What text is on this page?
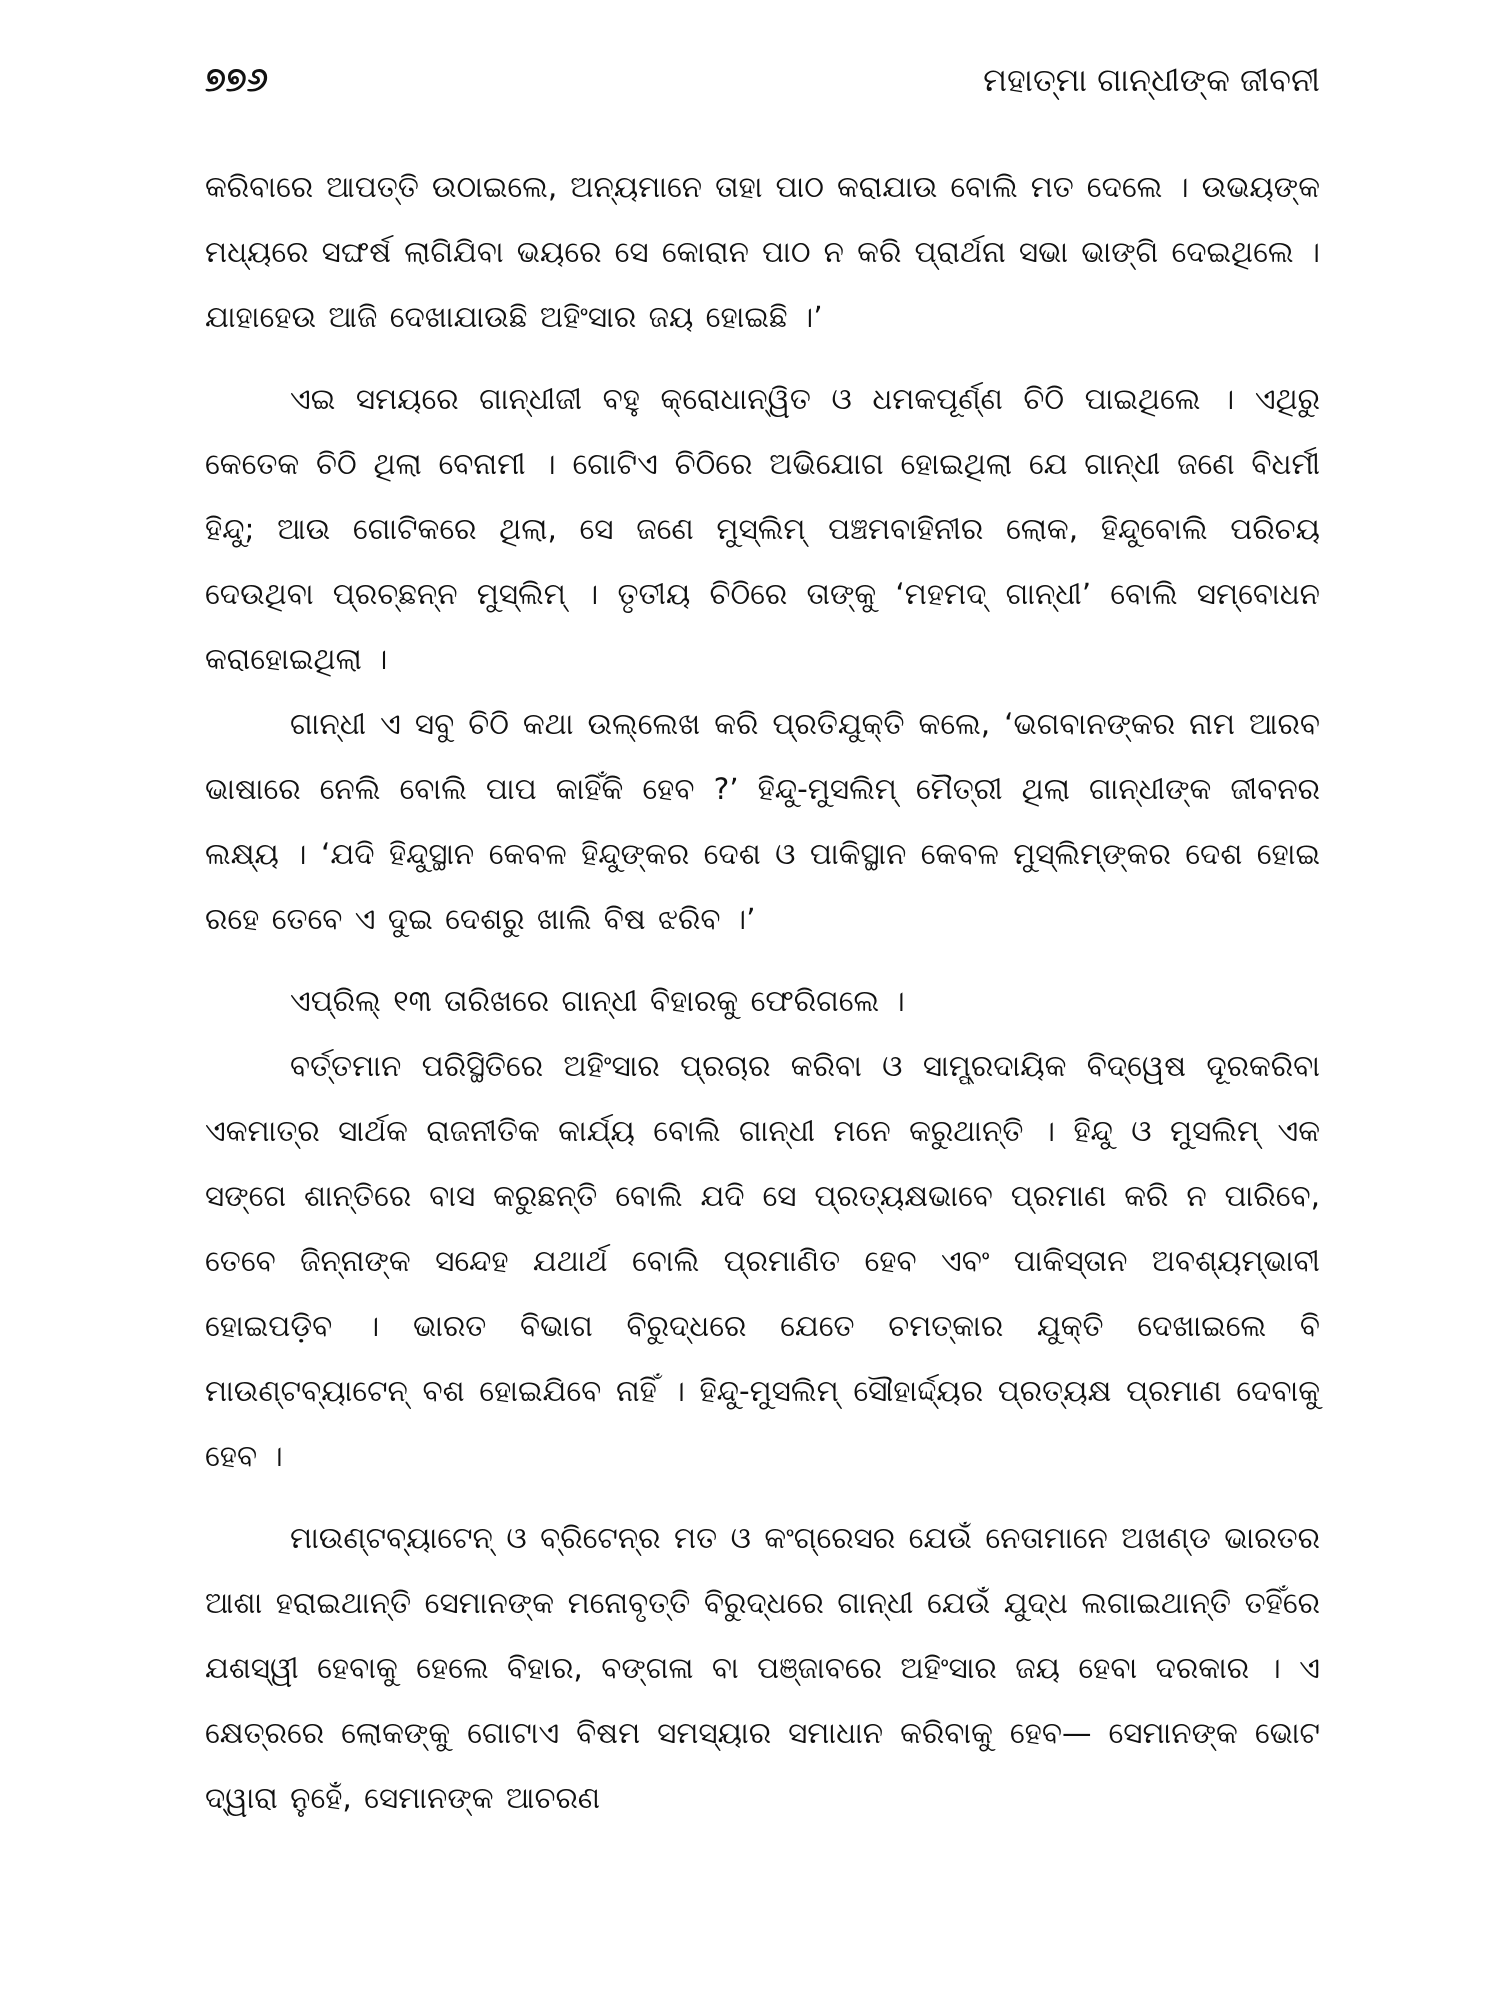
୭୭୬	ମହାତ୍ମା ଗାନ୍ଧୀଙ୍କ ଜୀବନୀ

କରିବାରେ ଆପତ୍ତି ଉଠାଇଲେ, ଅନ୍ୟମାନେ ତାହା ପାଠ କରାଯାଉ ବୋଲି ମତ ଦେଲେ । ଉଭୟଙ୍କ ମଧ୍ୟରେ ସଙ୍ଘର୍ଷ ଲାଗିଯିବା ଭୟରେ ସେ କୋରାନ ପାଠ ନ କରି ପ୍ରାର୍ଥନା ସଭା ଭାଙ୍ଗି ଦେଇଥିଲେ । ଯାହାହେଉ ଆଜି ଦେଖାଯାଉଛି ଅହିଂସାର ଜୟ ହୋଇଛି ।’

ଏଇ ସମୟରେ ଗାନ୍ଧୀଜୀ ବହୁ କ୍ରୋଧାନ୍ୱିତ ଓ ଧମକପୂର୍ଣ୍ଣ ଚିଠି ପାଇଥିଲେ । ଏଥିରୁ କେତେକ ଚିଠି ଥିଲା ବେନାମୀ । ଗୋଟିଏ ଚିଠିରେ ଅଭିଯୋଗ ହୋଇଥିଲା ଯେ ଗାନ୍ଧୀ ଜଣେ ବିଧର୍ମୀ ହିନ୍ଦୁ; ଆଉ ଗୋଟିକରେ ଥିଲା, ସେ ଜଣେ ମୁସ୍‌ଲିମ୍ ପଞ୍ଚମବାହିନୀର ଲୋକ, ହିନ୍ଦୁବୋଲି ପରିଚୟ ଦେଉଥିବା ପ୍ରଚ୍ଛନ୍ନ ମୁସ୍‌ଲିମ୍ । ତୃତୀୟ ଚିଠିରେ ତାଙ୍କୁ ‘ମହମଦ୍ ଗାନ୍ଧୀ’ ବୋଲି ସମ୍ବୋଧନ କରାହୋଇଥିଲା ।

ଗାନ୍ଧୀ ଏ ସବୁ ଚିଠି କଥା ଉଲ୍ଲେଖ କରି ପ୍ରତିଯୁକ୍ତି କଲେ, ‘ଭଗବାନଙ୍କର ନାମ ଆରବ ଭାଷାରେ ନେଲି ବୋଲି ପାପ କାହିଁକି ହେବ ?’ ହିନ୍ଦୁ-ମୁସଲିମ୍ ମୈତ୍ରୀ ଥିଲା ଗାନ୍ଧୀଙ୍କ ଜୀବନର ଲକ୍ଷ୍ୟ । ‘ଯଦି ହିନ୍ଦୁସ୍ଥାନ କେବଳ ହିନ୍ଦୁଙ୍କର ଦେଶ ଓ ପାକିସ୍ଥାନ କେବଳ ମୁସ୍‌ଲିମ୍‌ଙ୍କର ଦେଶ ହୋଇ ରହେ ତେବେ ଏ ଦୁଇ ଦେଶରୁ ଖାଲି ବିଷ ଝରିବ ।’

ଏପ୍ରିଲ୍ ୧୩ ତାରିଖରେ ଗାନ୍ଧୀ ବିହାରକୁ ଫେରିଗଲେ ।

ବର୍ତ୍ତମାନ ପରିସ୍ଥିତିରେ ଅହିଂସାର ପ୍ରଚାର କରିବା ଓ ସାମ୍ପ୍ରଦାୟିକ ବିଦ୍ୱେଷ ଦୂରକରିବା ଏକମାତ୍ର ସାର୍ଥକ ରାଜନୀତିକ କାର୍ଯ୍ୟ ବୋଲି ଗାନ୍ଧୀ ମନେ କରୁଥାନ୍ତି । ହିନ୍ଦୁ ଓ ମୁସଲିମ୍ ଏକ ସଙ୍ଗେ ଶାନ୍ତିରେ ବାସ କରୁଛନ୍ତି ବୋଲି ଯଦି ସେ ପ୍ରତ୍ୟକ୍ଷଭାବେ ପ୍ରମାଣ କରି ନ ପାରିବେ, ତେବେ ଜିନ୍ନାଙ୍କ ସନ୍ଦେହ ଯଥାର୍ଥ ବୋଲି ପ୍ରମାଣିତ ହେବ ଏବଂ ପାକିସ୍ତାନ ଅବଶ୍ୟମ୍ଭାବୀ ହୋଇପଡ଼ିବ । ଭାରତ ବିଭାଗ ବିରୁଦ୍ଧରେ ଯେତେ ଚମତ୍କାର ଯୁକ୍ତି ଦେଖାଇଲେ ବି ମାଉଣ୍ଟବ୍ୟାଟେନ୍ ବଶ ହୋଇଯିବେ ନାହିଁ । ହିନ୍ଦୁ-ମୁସଲିମ୍ ସୌହାର୍ଦ୍ଦ୍ୟର ପ୍ରତ୍ୟକ୍ଷ ପ୍ରମାଣ ଦେବାକୁ ହେବ ।

ମାଉଣ୍ଟବ୍ୟାଟେନ୍ ଓ ବ୍ରିଟେନ୍‌ର ମତ ଓ କଂଗ୍ରେସର ଯେଉଁ ନେତାମାନେ ଅଖଣ୍ଡ ଭାରତର ଆଶା ହରାଇଥାନ୍ତି ସେମାନଙ୍କ ମନୋବୃତ୍ତି ବିରୁଦ୍ଧରେ ଗାନ୍ଧୀ ଯେଉଁ ଯୁଦ୍ଧ ଲଗାଇଥାନ୍ତି ତହିଁରେ ଯଶସ୍ୱୀ ହେବାକୁ ହେଲେ ବିହାର, ବଙ୍ଗଳା ବା ପଞ୍ଜାବରେ ଅହିଂସାର ଜୟ ହେବା ଦରକାର । ଏ କ୍ଷେତ୍ରରେ ଲୋକଙ୍କୁ ଗୋଟାଏ ବିଷମ ସମସ୍ୟାର ସମାଧାନ କରିବାକୁ ହେବ— ସେମାନଙ୍କ ଭୋଟ ଦ୍ୱାରା ନୁହେଁ, ସେମାନଙ୍କ ଆଚରଣ
